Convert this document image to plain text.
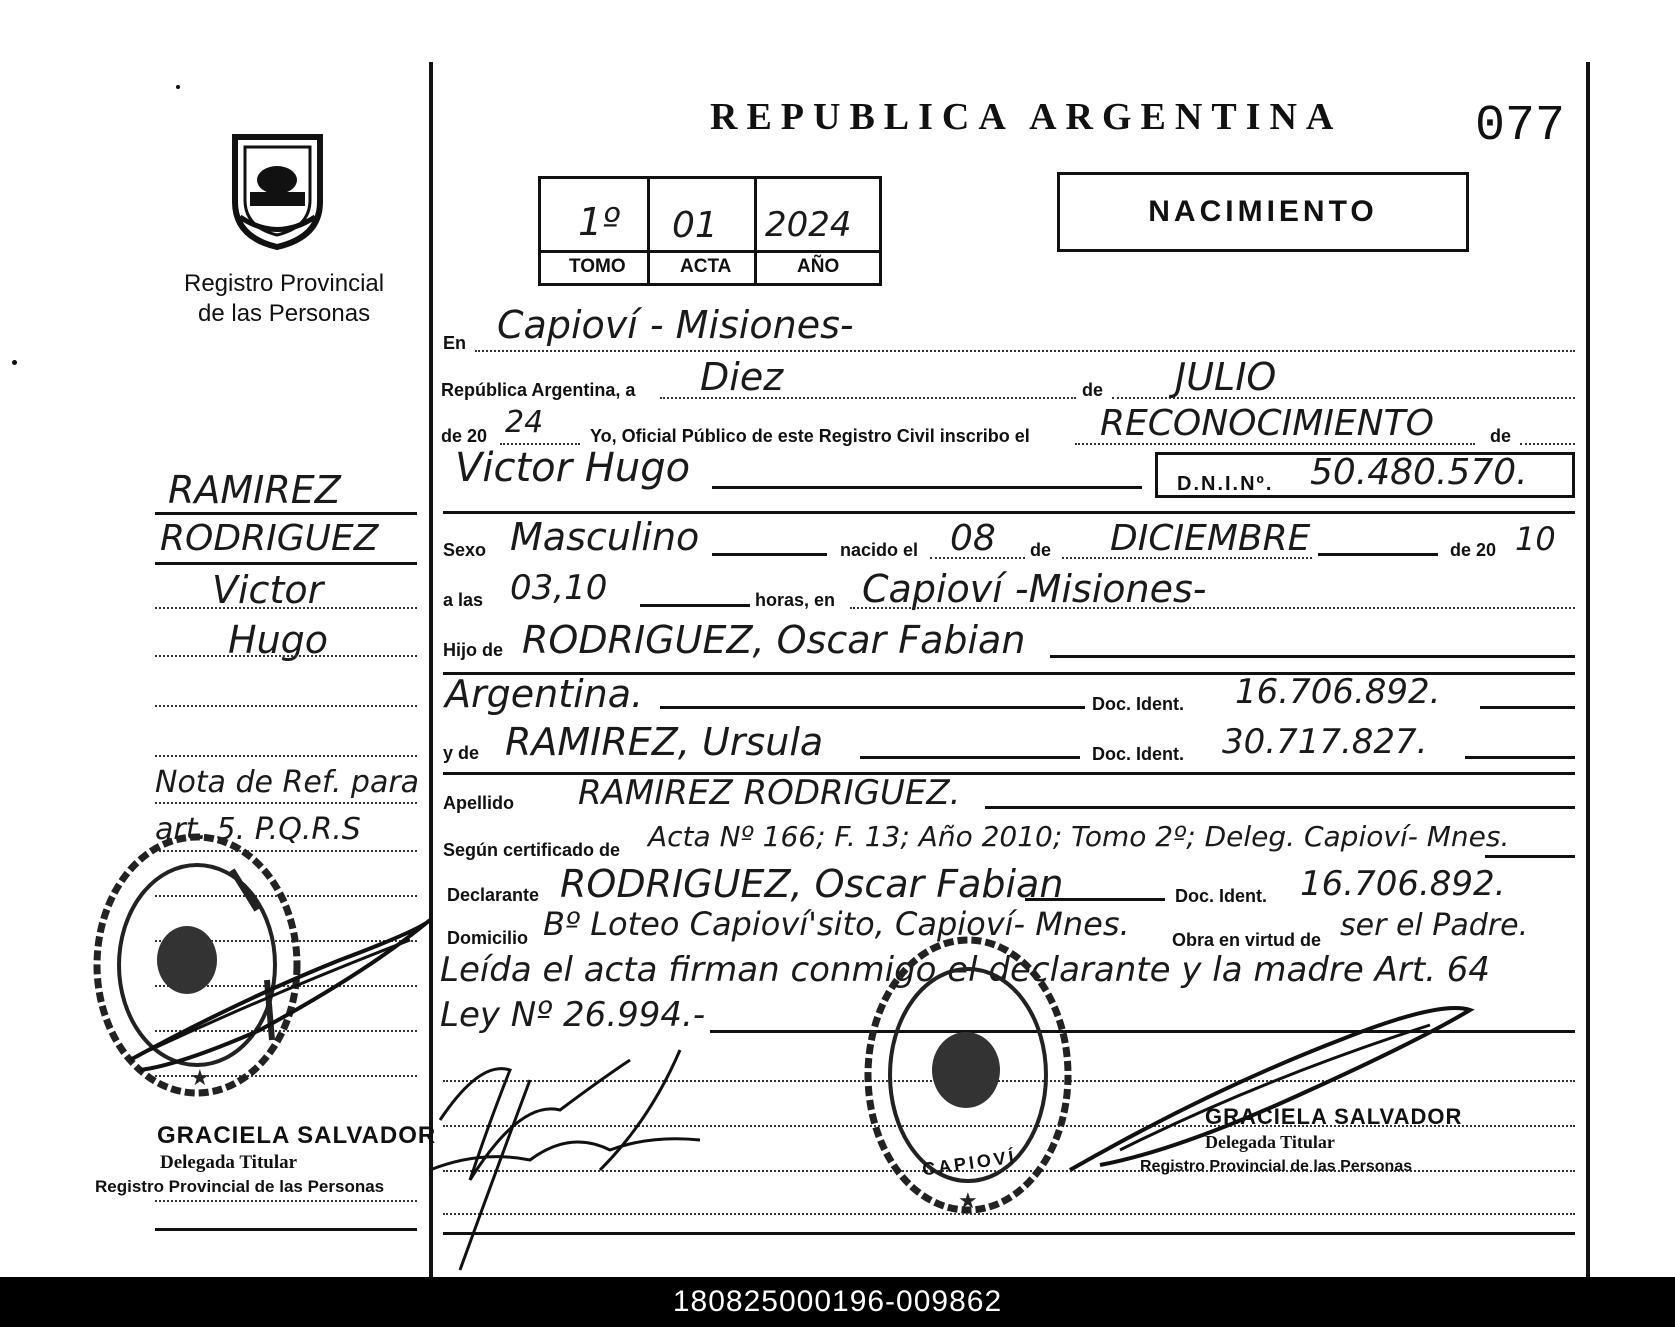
REPUBLICA ARGENTINA	077
NACIMIENTO
Registro Provincial
de las Personas
1º 01 2024
TOMO	ACTA	AÑO
En Capioví - Misiones-
República Argentina, a Diez	de JULIO
de 20 24	Yo, Oficial Público de este Registro Civil inscribo el RECONOCIMIENTO	de
Victor Hugo	D.N.I.Nº. 50.480.570.
Sexo Masculino	nacido el 08 de DICIEMBRE	de 20 10
a las 03,10	horas, en Capioví -Misiones-
Hijo de RODRIGUEZ, Oscar Fabian
Argentina.	Doc. Ident. 16.706.892.
y de RAMIREZ, Ursula	Doc. Ident. 30.717.827.
Apellido RAMIREZ RODRIGUEZ.
Según certificado de Acta Nº 166; F. 13; Año 2010; Tomo 2º; Deleg. Capioví- Mnes.
Declarante RODRIGUEZ, Oscar Fabian	Doc. Ident. 16.706.892.
Domicilio Bº Loteo Capioví'sito, Capioví- Mnes. Obra en virtud de ser el Padre.
Leída el acta firman conmigo el declarante y la madre Art. 64
Ley Nº 26.994.-
RAMIREZ
RODRIGUEZ
Victor
Hugo
Nota de Ref. para
art. 5. P.Q.R.S
★
GRACIELA SALVADOR
Delegada Titular
Registro Provincial de las Personas
★
CAPIOVÍ
GRACIELA SALVADOR
Delegada Titular
Registro Provincial de las Personas
180825000196-009862
